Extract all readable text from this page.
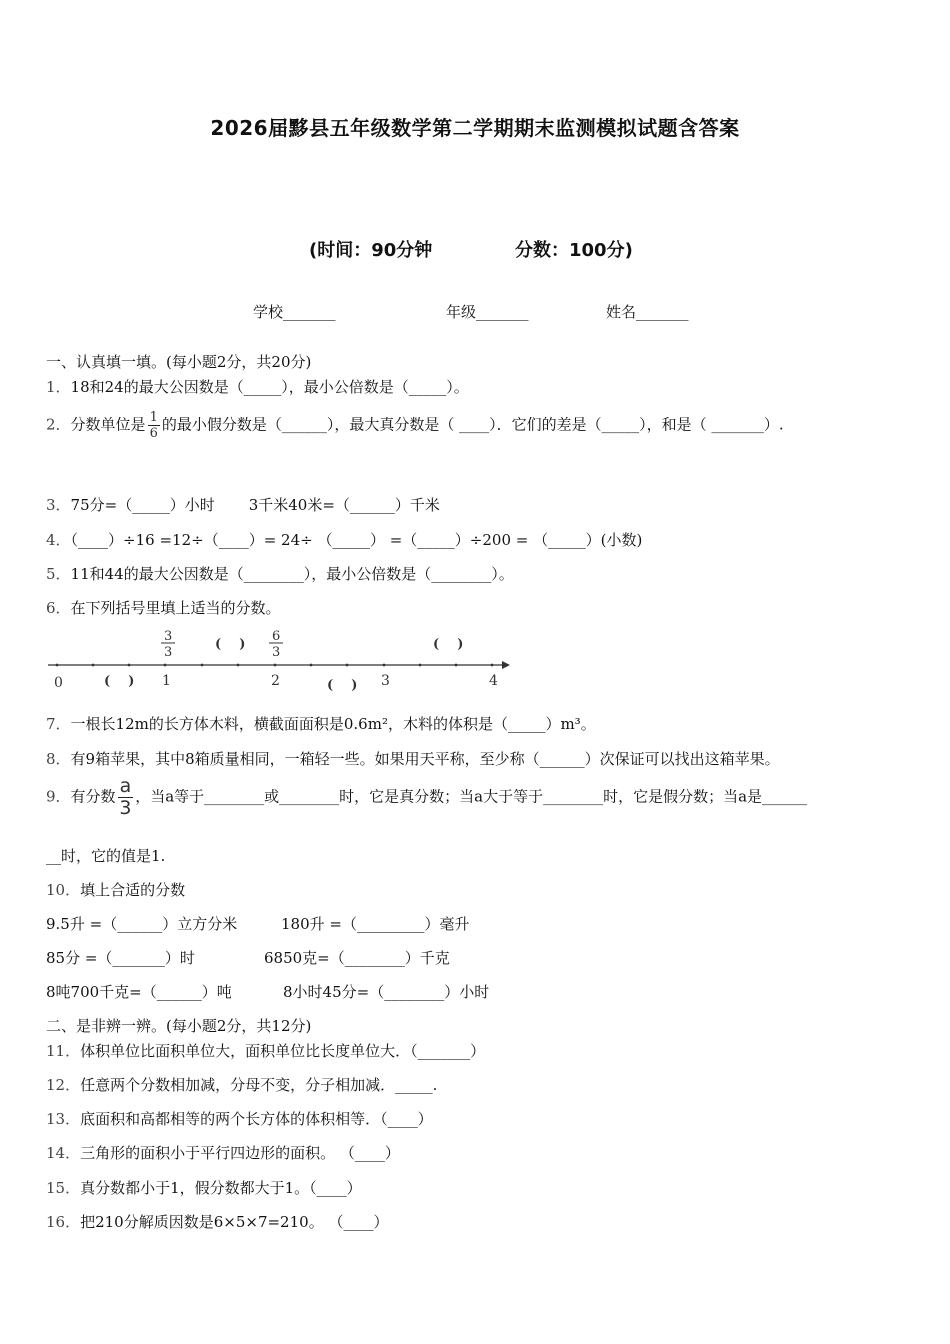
2026届黟县五年级数学第二学期期末监测模拟试题含答案
(时间：90分钟	分数：100分)
学校_______	年级_______	姓名_______
一、认真填一填。(每小题2分，共20分)
1．18和24的最大公因数是（_____），最小公倍数是（_____）。
2．分数单位是 $\frac{1}{6}$ 的最小假分数是（______），最大真分数是（ ____）．它们的差是（_____），和是（ _______）.
3．75分=（_____）小时 3千米40米=（______）千米
4．（____）÷16 =12÷（____）= 24÷ （_____） =（_____）÷200 = （_____）(小数)
5．11和44的最大公因数是（________），最小公倍数是（________）。
6．在下列括号里填上适当的分数。
0	1	2	3	4
3
3
6
3
(    )	(    )
(    )	(    )
7．一根长12m的长方体木料，横截面面积是0.6m²，木料的体积是（_____）m³。
8．有9箱苹果，其中8箱质量相同，一箱轻一些。如果用天平称，至少称（______）次保证可以找出这箱苹果。
9．有分数 $\frac{a}{3}$ ，当a等于________或________时，它是真分数；当a大于等于________时，它是假分数；当a是______
__时，它的值是1.
10．填上合适的分数
9.5升 =（______）立方分米	180升 =（_________）毫升
85分 =（_______）时	6850克=（________）千克
8吨700千克=（______）吨	8小时45分=（________）小时
二、是非辨一辨。(每小题2分，共12分)
11．体积单位比面积单位大，面积单位比长度单位大．（_______）
12．任意两个分数相加减，分母不变，分子相加减．_____.
13．底面积和高都相等的两个长方体的体积相等．（____）
14．三角形的面积小于平行四边形的面积。 （____）
15．真分数都小于1，假分数都大于1。（____）
16．把210分解质因数是6×5×7=210。 （____）
